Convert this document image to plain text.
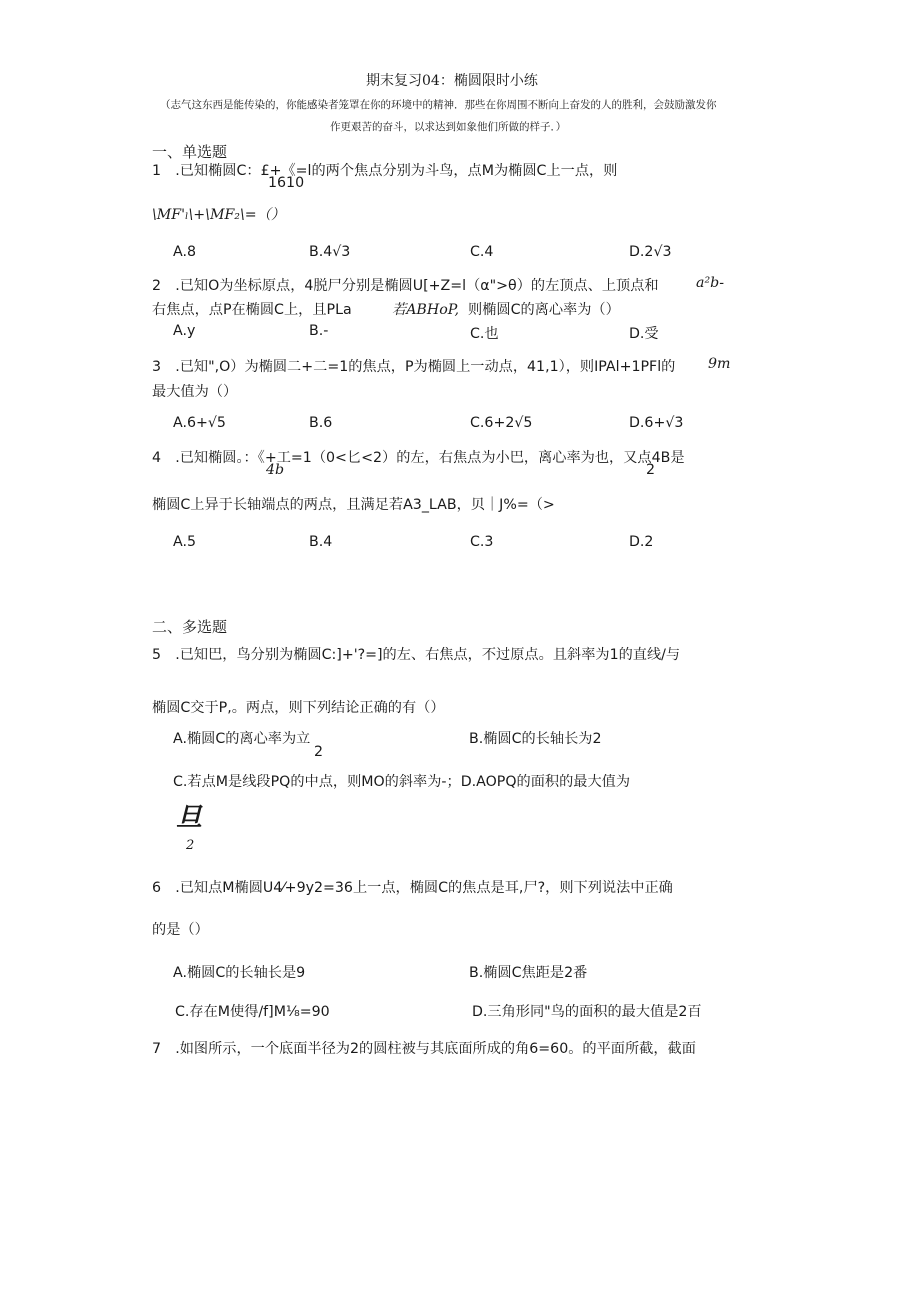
期末复习04：椭圆限时小练
（志气这东西是能传染的，你能感染者笼罩在你的环境中的精神．那些在你周围不断向上奋发的人的胜利，会鼓励激发你
作更艰苦的奋斗，以求达到如象他们所做的样子．）
一、单选题
1　.已知椭圆C：£+《=l的两个焦点分别为斗鸟，点M为椭圆C上一点，则
1610
\MF'ₗ\+\MF₂\=（）
A.8	B.4√3	C.4	D.2√3
2　.已知O为坐标原点，4脱尸分别是椭圆U[+Z=l（α">θ）的左顶点、上顶点和	a²b-
右焦点，点P在椭圆C上，且PLa	若ABHoP, 则椭圆C的离心率为（）
A.y	B.-	C.也	D.受
3　.已知",O）为椭圆二+二=1的焦点，P为椭圆上一动点，41,1），则IPAl+1PFl的 9m
最大值为（）
A.6+√5	B.6	C.6+2√5	D.6+√3
4　.已知椭圆。：《+工=1（0<匕<2）的左，右焦点为小巴，离心率为也，又点4B是
4b	2
椭圆C上异于长轴端点的两点，且满足若A3_LAB，贝｜J%=（>
A.5	B.4	C.3	D.2
二、多选题
5　.已知巴，鸟分别为椭圆C:]+'?=]的左、右焦点，不过原点。且斜率为1的直线/与
椭圆C交于P,。两点，则下列结论正确的有（）
A.椭圆C的离心率为立
2
B.椭圆C的长轴长为2
C.若点M是线段PQ的中点，则MO的斜率为-；D.AOPQ的面积的最大值为
旦
2
6　.已知点M椭圆U4⁄+9y2=36上一点，椭圆C的焦点是耳,尸?，则下列说法中正确
的是（）
A.椭圆C的长轴长是9	B.椭圆C焦距是2番
C.存在M使得∕f]M⅛=90	D.三角形同"鸟的面积的最大值是2百
7　.如图所示，一个底面半径为2的圆柱被与其底面所成的角6=60。的平面所截，截面
